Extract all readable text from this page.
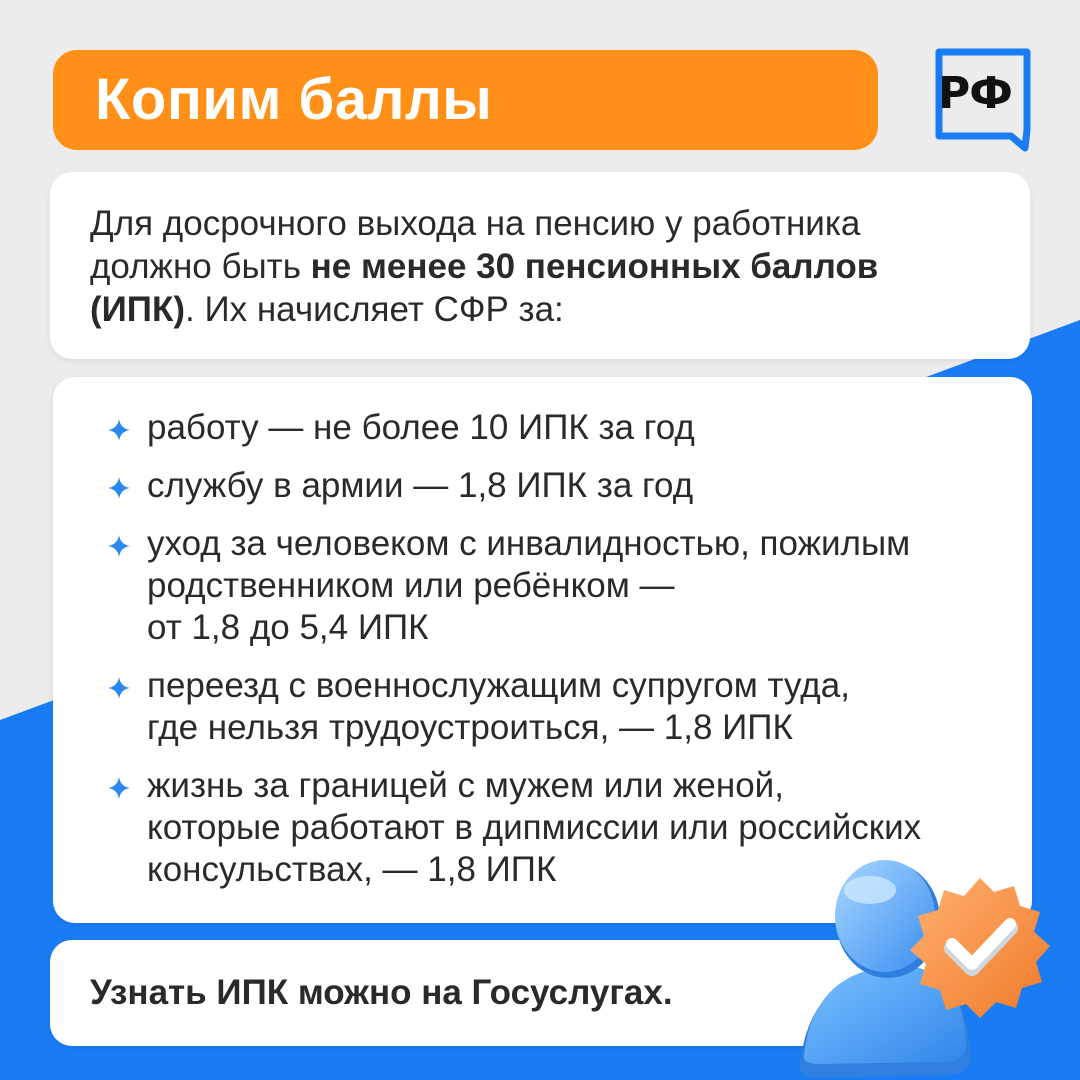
Копим баллы	РФ
Для досрочного выхода на пенсию у работника должно быть не менее 30 пенсионных баллов (ИПК). Их начисляет СФР за:
работу — не более 10 ИПК за год
службу в армии — 1,8 ИПК за год
уход за человеком с инвалидностью, пожилым
родственником или ребёнком —
от 1,8 до 5,4 ИПК
переезд с военнослужащим супругом туда,
где нельзя трудоустроиться, — 1,8 ИПК
жизнь за границей с мужем или женой,
которые работают в дипмиссии или российских
консульствах, — 1,8 ИПК
Узнать ИПК можно на Госуслугах.
